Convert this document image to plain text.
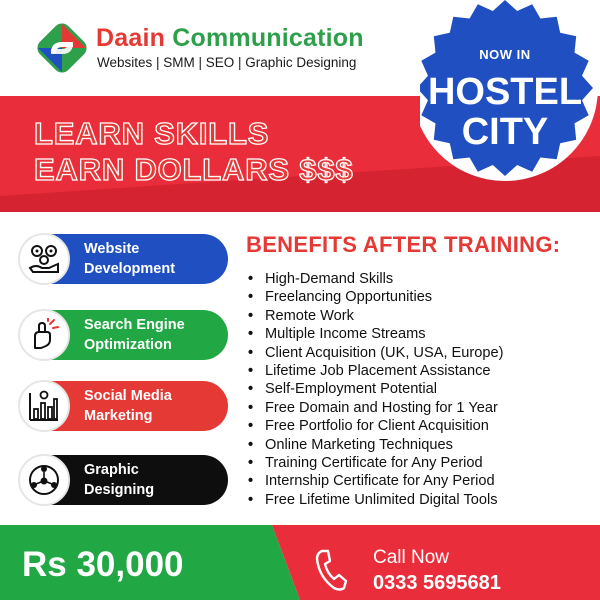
Daain Communication
Websites | SMM | SEO | Graphic Designing
LEARN SKILLS
EARN DOLLARS $$$
NOW IN
HOSTEL
CITY
Website
Development
Search Engine
Optimization
Social Media
Marketing
Graphic
Designing
BENEFITS AFTER TRAINING:
• High-Demand Skills
• Freelancing Opportunities
• Remote Work
• Multiple Income Streams
• Client Acquisition (UK, USA, Europe)
• Lifetime Job Placement Assistance
• Self-Employment Potential
• Free Domain and Hosting for 1 Year
• Free Portfolio for Client Acquisition
• Online Marketing Techniques
• Training Certificate for Any Period
• Internship Certificate for Any Period
• Free Lifetime Unlimited Digital Tools
Rs 30,000	Call Now
0333 5695681
